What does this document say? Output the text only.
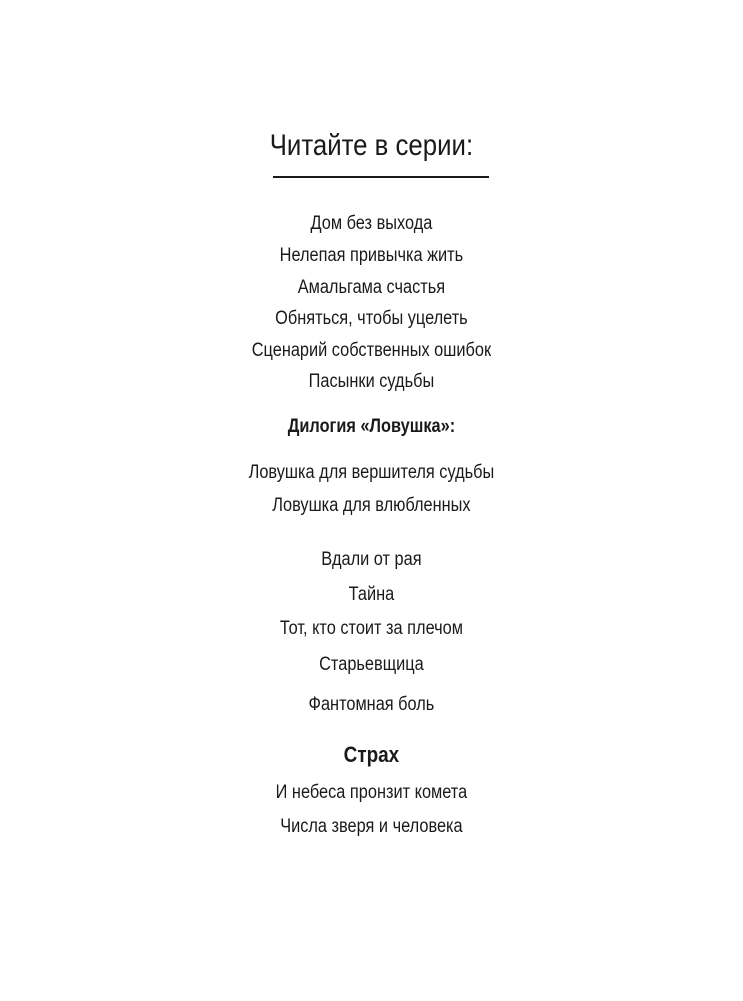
Читайте в серии:
Дом без выхода
Нелепая привычка жить
Амальгама счастья
Обняться, чтобы уцелеть
Сценарий собственных ошибок
Пасынки судьбы
Дилогия «Ловушка»:
Ловушка для вершителя судьбы
Ловушка для влюбленных
Вдали от рая
Тайна
Тот, кто стоит за плечом
Старьевщица
Фантомная боль
Страх
И небеса пронзит комета
Числа зверя и человека
